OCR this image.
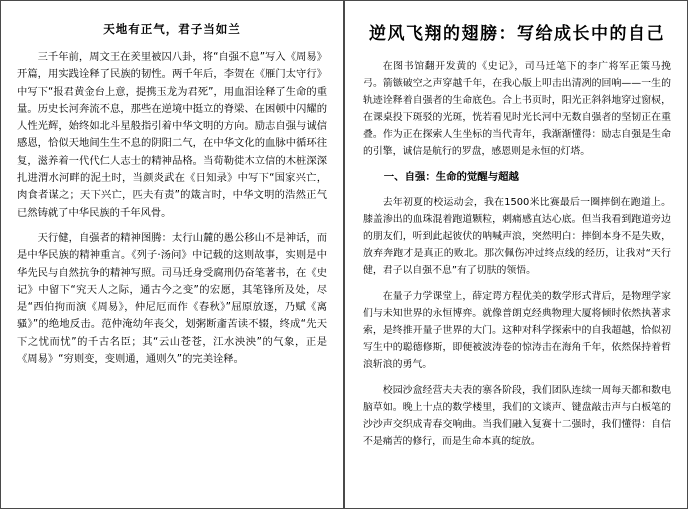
天地有正气，君子当如兰

三千年前，周文王在羑里被囚八卦，将“自强不息”写入《周易》开篇，用实践诠释了民族的韧性。两千年后，李贺在《雁门太守行》中写下“报君黄金台上意，提携玉龙为君死”，用血泪诠释了生命的重量。历史长河奔流不息，那些在逆境中挺立的脊梁、在困顿中闪耀的人性光辉，始终如北斗星般指引着中华文明的方向。励志自强与诚信感恩，恰似天地间生生不息的阴阳二气，在中华文化的血脉中循环往复，滋养着一代代仁人志士的精神品格。当荀勒徙木立信的木桩深深扎进渭水河畔的泥土时，当颜炎武在《日知录》中写下“国家兴亡，肉食者谋之；天下兴亡，匹夫有责”的箴言时，中华文明的浩然正气已然铸就了中华民族的千年风骨。

天行健，自强者的精神图腾：太行山麓的愚公移山不是神话，而是中华民族的精神重言。《列子·汤问》中记载的这则故事，实则是中华先民与自然抗争的精神写照。司马迁身受腐刑仍奋笔著书，在《史记》中留下“究天人之际，通古今之变”的宏愿，其笔锋所及处，尽是“西伯拘而演《周易》，仲尼厄而作《春秋》”屈原放逐，乃赋《离骚》”的绝地反击。范仲淹幼年丧父，划粥断齑苦读不辍，终成“先天下之忧而忧”的千古名臣；其“云山苍苍，江水泱泱”的气象，正是《周易》“穷则变，变则通，通则久”的完美诠释。

逆风飞翔的翅膀：写给成长中的自己

在图书馆翻开发黄的《史记》，司马迁笔下的李广将军正策马挽弓。箭镞破空之声穿越千年，在我心版上叩击出清冽的回响——一生的轨迹诠释着自强者的生命底色。合上书页时，阳光正斜斜地穿过窗棂，在课桌投下斑驳的光斑，恍若看见时光长河中无数自强者的坚韧正在重叠。作为正在探索人生坐标的当代青年，我渐渐懂得：励志自强是生命的引擎，诚信是航行的罗盘，感恩则是永恒的灯塔。

一、自强：生命的觉醒与超越

去年初夏的校运动会，我在1500米比赛最后一圈摔倒在跑道上。膝盖渗出的血珠混着跑道颗粒，刺痛感直达心底。但当我看到跑道旁边的朋友们，听到此起彼伏的呐喊声浪，突然明白：摔倒本身不是失败，放弃奔跑才是真正的败北。那次佩伤冲过终点线的经历，让我对“天行健，君子以自强不息”有了切肤的领悟。

在量子力学课堂上，薛定谔方程优美的数学形式背后，是物理学家们与未知世界的永恒博弈。就像普朗克经典物理大厦将倾时依然执著求索，是终推开量子世界的大门。这种对科学探索中的自我超越，恰似初写生中的聪德修斯，即便被波涛卷的惊涛击在海角千年，依然保持着哲浪斩浪的勇气。

校园沙盒经营夫夫表的寨各阶段，我们团队连续一周每天都和数电脑草如。晚上十点的数学楼里，我们的文谈声、键盘敲击声与白板笔的沙沙声交织成青春交响曲。当我们融入复赛十二强时，我们懂得：自信不是痛苦的修行，而是生命本真的绽放。
